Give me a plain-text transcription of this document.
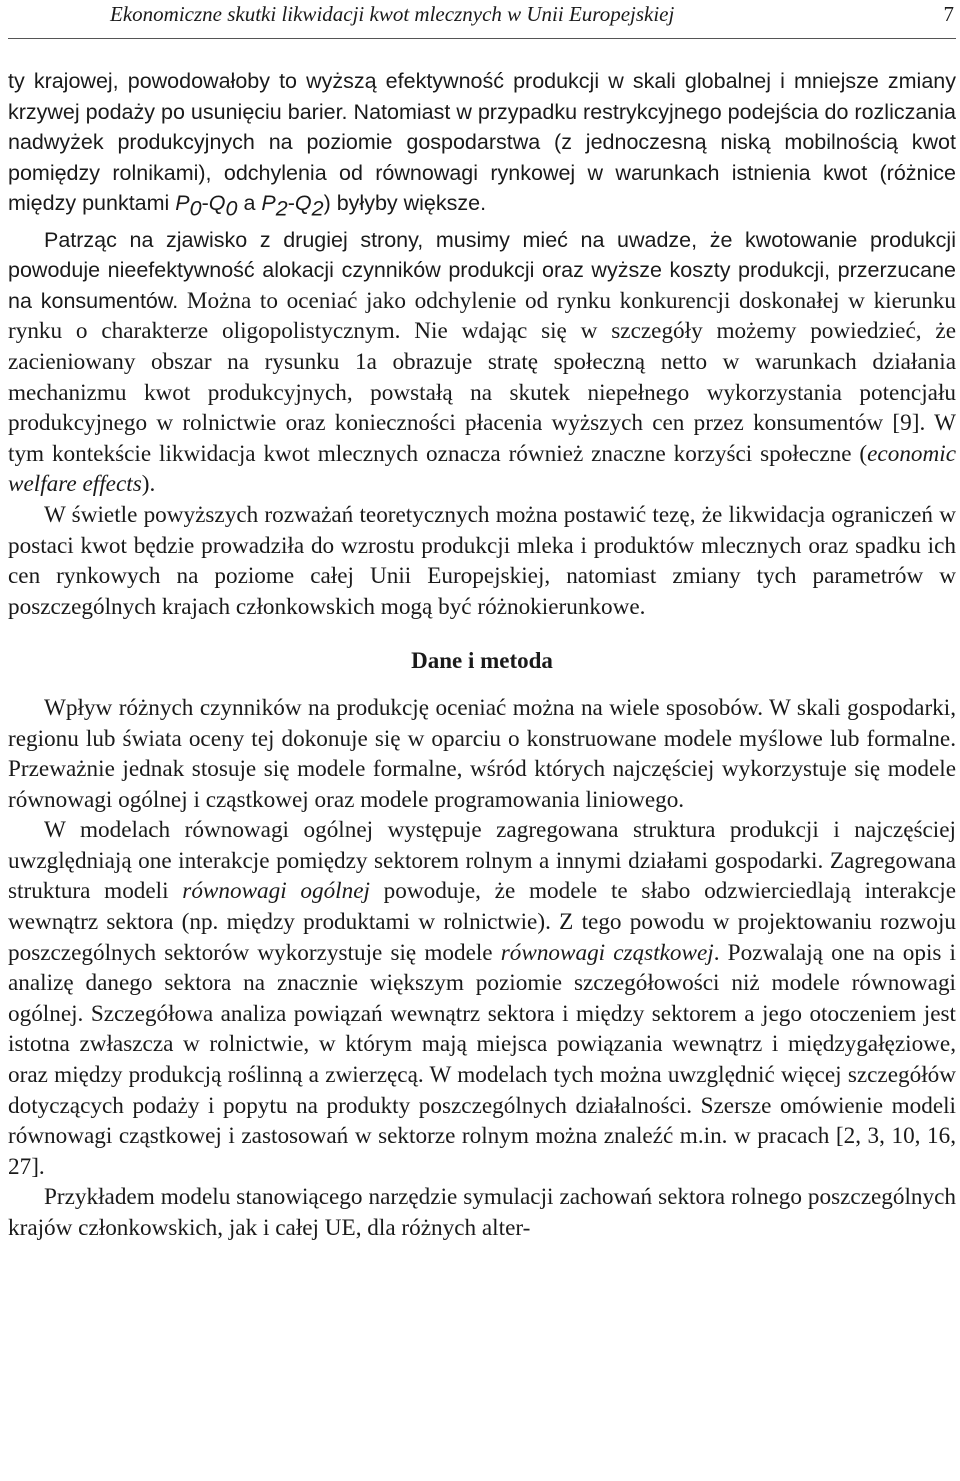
Ekonomiczne skutki likwidacji kwot mlecznych w Unii Europejskiej	7

ty krajowej, powodowałoby to wyższą efektywność produkcji w skali globalnej i mniejsze zmiany krzywej podaży po usunięciu barier. Natomiast w przypadku restrykcyjnego podejścia do rozliczania nadwyżek produkcyjnych na poziomie gospodarstwa (z jednoczesną niską mobilnością kwot pomiędzy rolnikami), odchylenia od równowagi rynkowej w warunkach istnienia kwot (różnice między punktami $P_0-Q_0$ a $P_2-Q_2$) byłyby większe.

Patrząc na zjawisko z drugiej strony, musimy mieć na uwadze, że kwotowanie produkcji powoduje nieefektywność alokacji czynników produkcji oraz wyższe koszty produkcji, przerzucane na konsumentów. Można to oceniać jako odchylenie od rynku konkurencji doskonałej w kierunku rynku o charakterze oligopolistycznym. Nie wdając się w szczegóły możemy powiedzieć, że zacieniowany obszar na rysunku 1a obrazuje stratę społeczną netto w warunkach działania mechanizmu kwot produkcyjnych, powstałą na skutek niepełnego wykorzystania potencjału produkcyjnego w rolnictwie oraz konieczności płacenia wyższych cen przez konsumentów [9]. W tym kontekście likwidacja kwot mlecznych oznacza również znaczne korzyści społeczne (economic welfare effects).

W świetle powyższych rozważań teoretycznych można postawić tezę, że likwidacja ograniczeń w postaci kwot będzie prowadziła do wzrostu produkcji mleka i produktów mlecznych oraz spadku ich cen rynkowych na poziome całej Unii Europejskiej, natomiast zmiany tych parametrów w poszczególnych krajach członkowskich mogą być różnokierunkowe.

Dane i metoda

Wpływ różnych czynników na produkcję oceniać można na wiele sposobów. W skali gospodarki, regionu lub świata oceny tej dokonuje się w oparciu o konstruowane modele myślowe lub formalne. Przeważnie jednak stosuje się modele formalne, wśród których najczęściej wykorzystuje się modele równowagi ogólnej i cząstkowej oraz modele programowania liniowego.

W modelach równowagi ogólnej występuje zagregowana struktura produkcji i najczęściej uwzględniają one interakcje pomiędzy sektorem rolnym a innymi działami gospodarki. Zagregowana struktura modeli równowagi ogólnej powoduje, że modele te słabo odzwierciedlają interakcje wewnątrz sektora (np. między produktami w rolnictwie). Z tego powodu w projektowaniu rozwoju poszczególnych sektorów wykorzystuje się modele równowagi cząstkowej. Pozwalają one na opis i analizę danego sektora na znacznie większym poziomie szczegółowości niż modele równowagi ogólnej. Szczegółowa analiza powiązań wewnątrz sektora i między sektorem a jego otoczeniem jest istotna zwłaszcza w rolnictwie, w którym mają miejsca powiązania wewnątrz i międzygałęziowe, oraz między produkcją roślinną a zwierzęcą. W modelach tych można uwzględnić więcej szczegółów dotyczących podaży i popytu na produkty poszczególnych działalności. Szersze omówienie modeli równowagi cząstkowej i zastosowań w sektorze rolnym można znaleźć m.in. w pracach [2, 3, 10, 16, 27].

Przykładem modelu stanowiącego narzędzie symulacji zachowań sektora rolnego poszczególnych krajów członkowskich, jak i całej UE, dla różnych alter-
